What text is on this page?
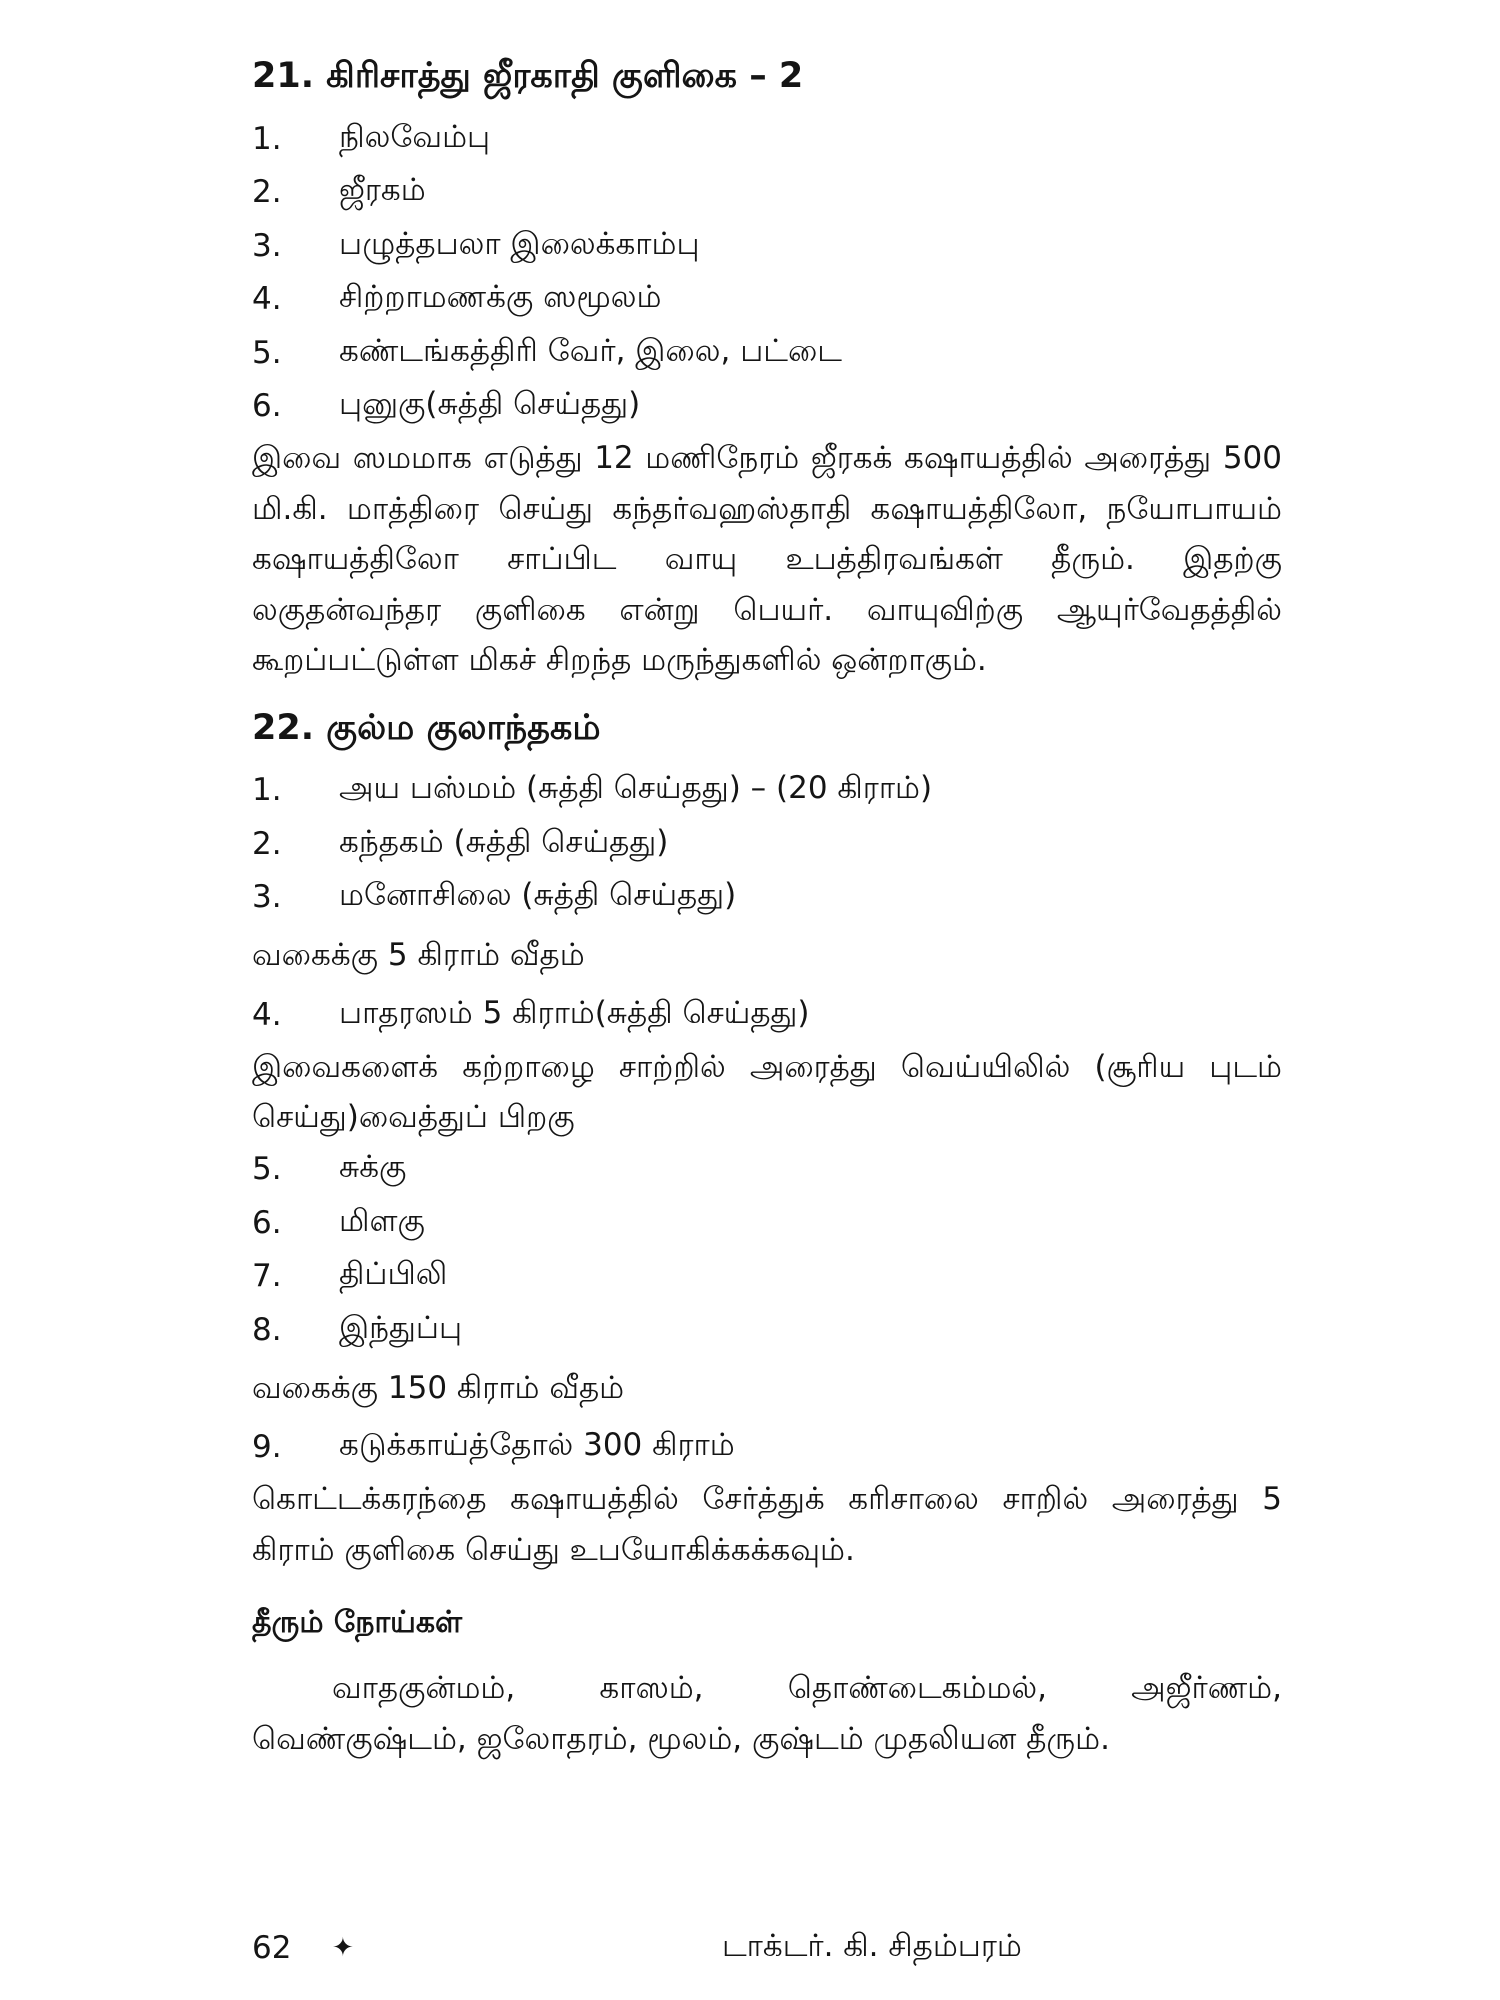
21. கிரிசாத்து ஜீரகாதி குளிகை – 2
1.	நிலவேம்பு
2.	ஜீரகம்
3.	பழுத்தபலா இலைக்காம்பு
4.	சிற்றாமணக்கு ஸமூலம்
5.	கண்டங்கத்திரி வேர், இலை, பட்டை
6.	புனுகு(சுத்தி செய்தது)

இவை ஸமமாக எடுத்து 12 மணிநேரம் ஜீரகக் கஷாயத்தில் அரைத்து 500 மி.கி. மாத்திரை செய்து கந்தர்வஹஸ்தாதி கஷாயத்திலோ, நயோபாயம் கஷாயத்திலோ சாப்பிட வாயு உபத்திரவங்கள் தீரும். இதற்கு லகுதன்வந்தர குளிகை என்று பெயர். வாயுவிற்கு ஆயுர்வேதத்தில் கூறப்பட்டுள்ள மிகச் சிறந்த மருந்துகளில் ஒன்றாகும்.

22. குல்ம குலாந்தகம்
1.	அய பஸ்மம் (சுத்தி செய்தது) – (20 கிராம்)
2.	கந்தகம் (சுத்தி செய்தது)
3.	மனோசிலை (சுத்தி செய்தது)
வகைக்கு 5 கிராம் வீதம்
4.	பாதரஸம் 5 கிராம்(சுத்தி செய்தது)

இவைகளைக் கற்றாழை சாற்றில் அரைத்து வெய்யிலில் (சூரிய புடம் செய்து)வைத்துப் பிறகு

5.	சுக்கு
6.	மிளகு
7.	திப்பிலி
8.	இந்துப்பு
வகைக்கு 150 கிராம் வீதம்
9.	கடுக்காய்த்தோல் 300 கிராம்

கொட்டக்கரந்தை கஷாயத்தில் சேர்த்துக் கரிசாலை சாறில் அரைத்து 5 கிராம் குளிகை செய்து உபயோகிக்கக்கவும்.

தீரும் நோய்கள்

வாதகுன்மம், காஸம், தொண்டைகம்மல், அஜீர்ணம், வெண்குஷ்டம், ஜலோதரம், மூலம், குஷ்டம் முதலியன தீரும்.

62	✦	டாக்டர். கி. சிதம்பரம்
